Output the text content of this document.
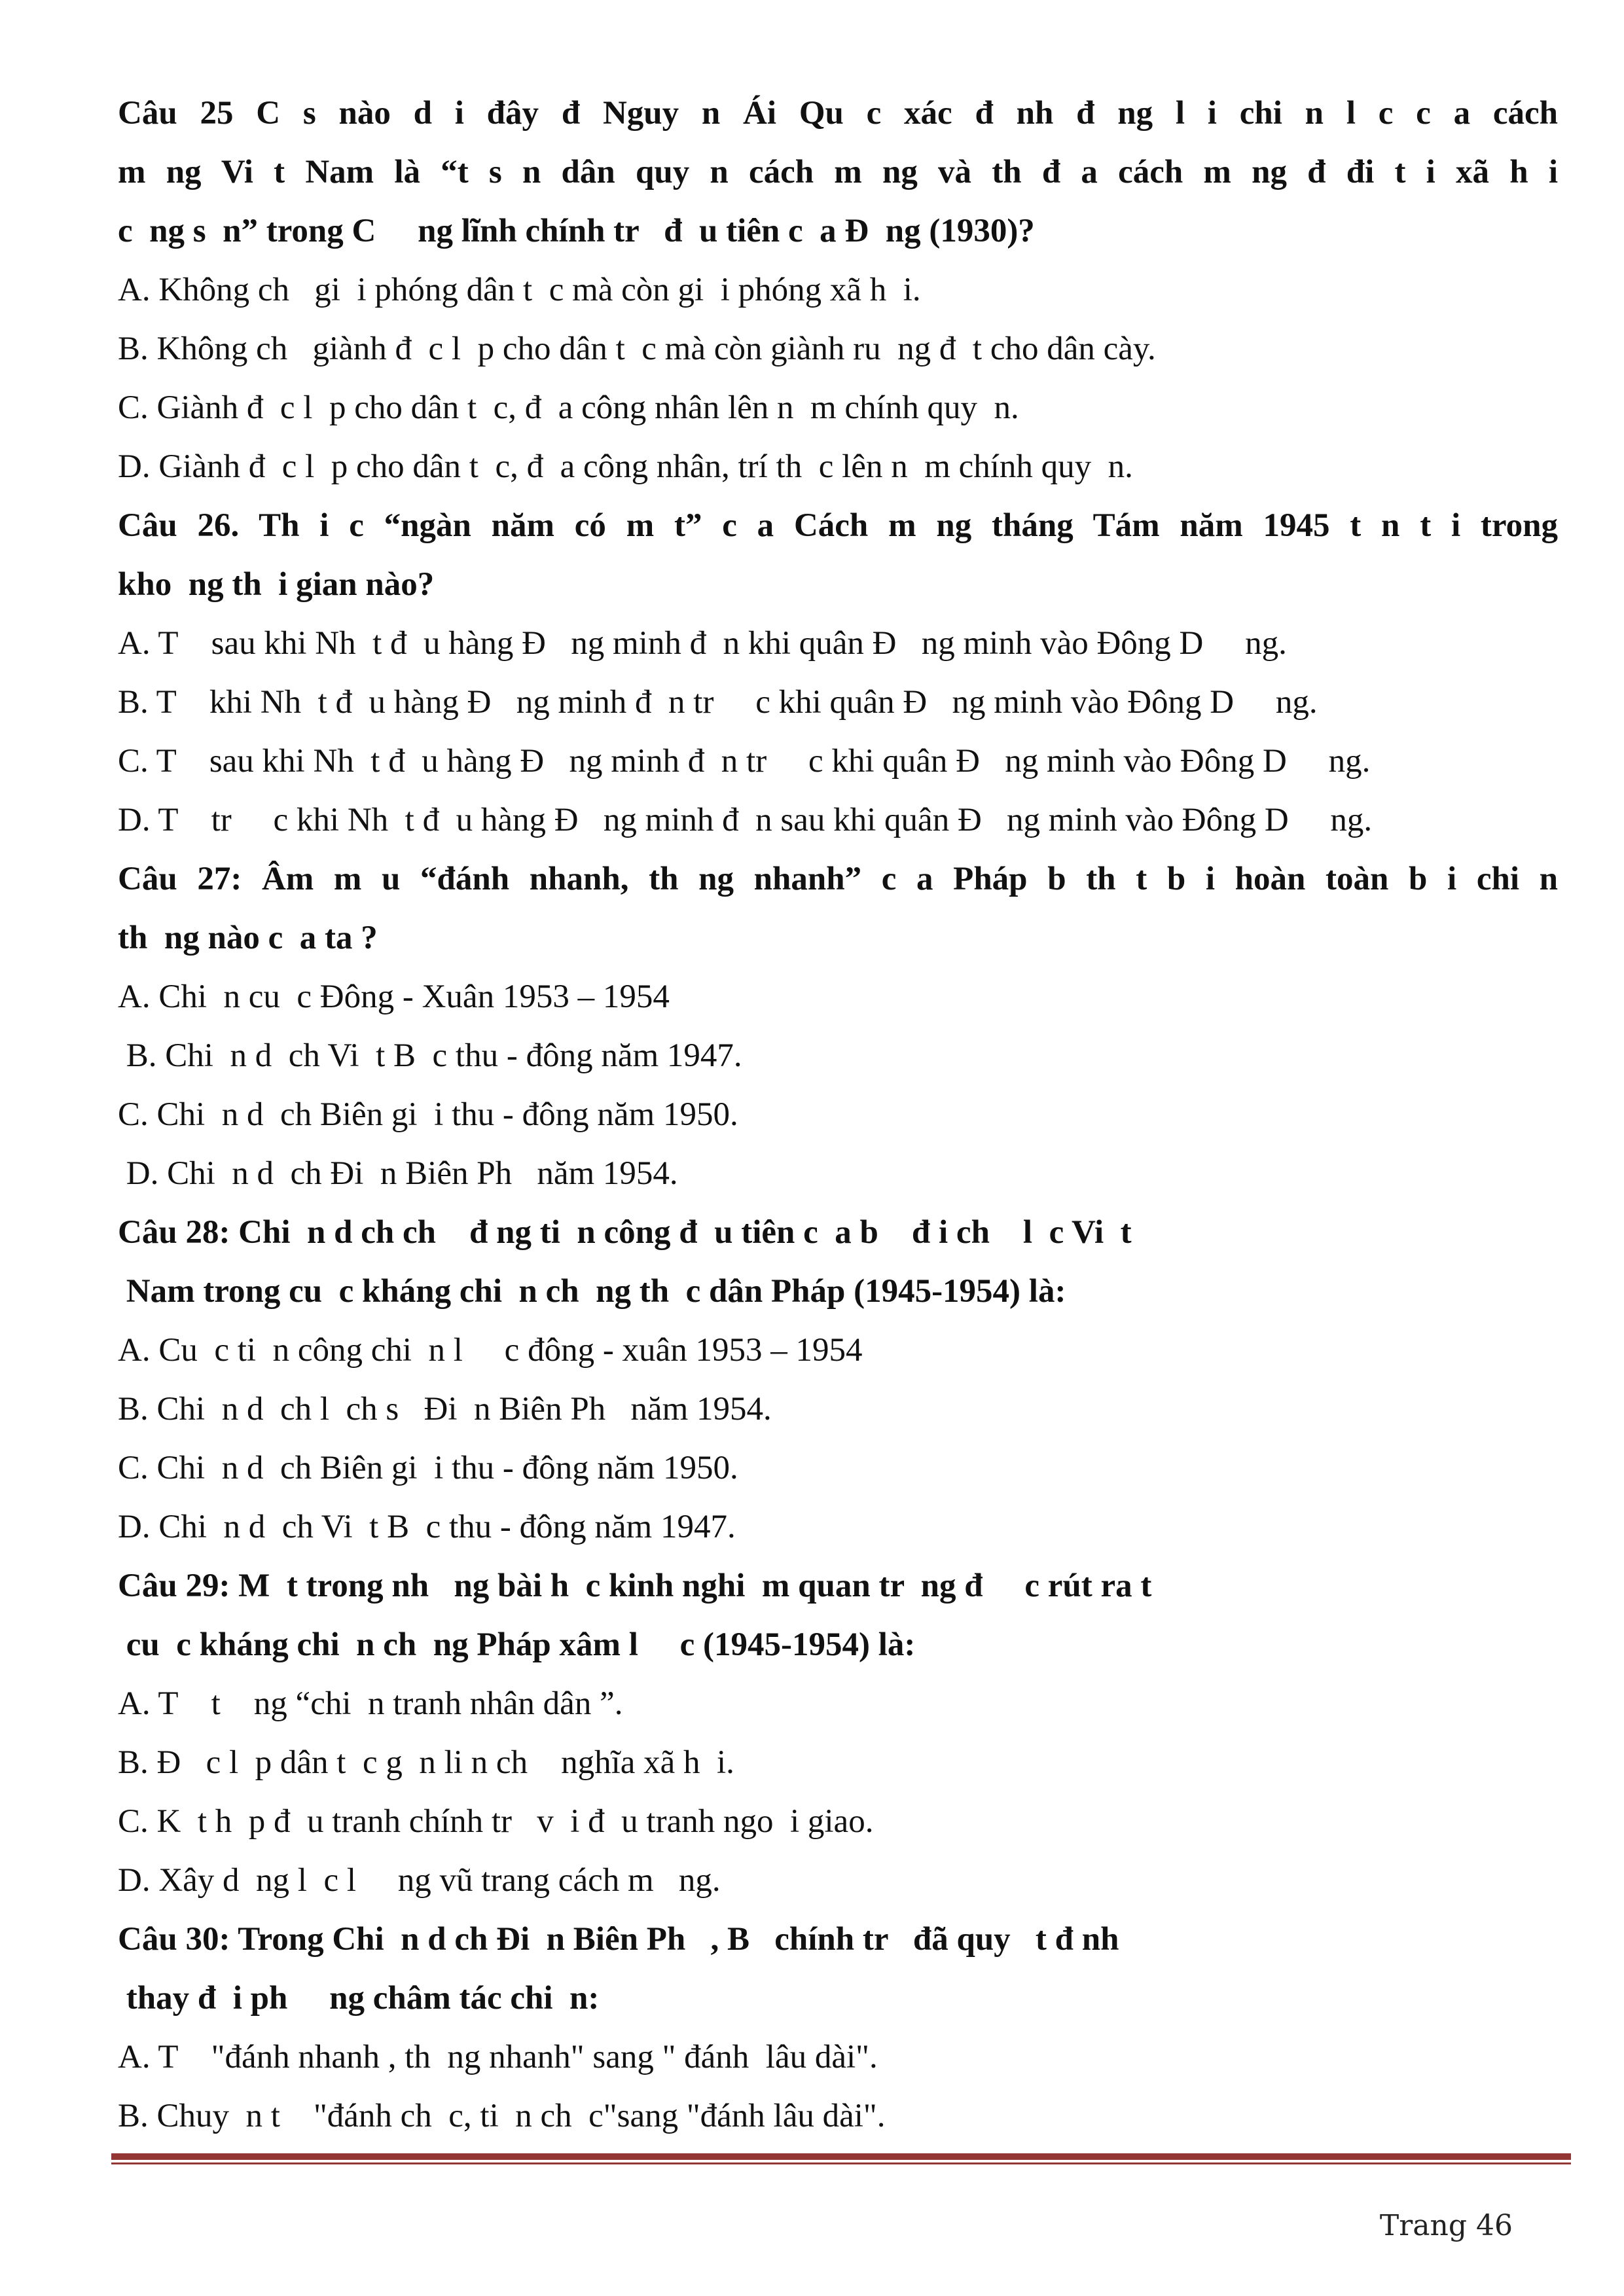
Câu 25 C s nào d i đây đ Nguy n Ái Qu c xác đ nh đ ng l i chi n l c c a cách

m ng Vi t Nam là “t s n dân quy n cách m ng và th đ a cách m ng đ đi t i xã h i

c  ng s  n” trong C     ng lĩnh chính tr   đ  u tiên c  a Đ  ng (1930)?

A. Không ch   gi  i phóng dân t  c mà còn gi  i phóng xã h  i.

B. Không ch   giành đ  c l  p cho dân t  c mà còn giành ru  ng đ  t cho dân cày.

C. Giành đ  c l  p cho dân t  c, đ  a công nhân lên n  m chính quy  n.

D. Giành đ  c l  p cho dân t  c, đ  a công nhân, trí th  c lên n  m chính quy  n.

Câu 26. Th i c “ngàn năm có m t” c a Cách m ng tháng Tám năm 1945 t n t i trong

kho  ng th  i gian nào?

A. T    sau khi Nh  t đ  u hàng Đ   ng minh đ  n khi quân Đ   ng minh vào Đông D     ng.

B. T    khi Nh  t đ  u hàng Đ   ng minh đ  n tr     c khi quân Đ   ng minh vào Đông D     ng.

C. T    sau khi Nh  t đ  u hàng Đ   ng minh đ  n tr     c khi quân Đ   ng minh vào Đông D     ng.

D. T    tr     c khi Nh  t đ  u hàng Đ   ng minh đ  n sau khi quân Đ   ng minh vào Đông D     ng.

Câu 27: Âm m u “đánh nhanh, th ng nhanh” c a Pháp b th t b i hoàn toàn b i chi n

th  ng nào c  a ta ?

A. Chi  n cu  c Đông - Xuân 1953 – 1954

B. Chi  n d  ch Vi  t B  c thu - đông năm 1947.

C. Chi  n d  ch Biên gi  i thu - đông năm 1950.

D. Chi  n d  ch Đi  n Biên Ph   năm 1954.

Câu 28: Chi  n d ch ch    đ ng ti  n công đ  u tiên c  a b    đ i ch    l  c Vi  t

Nam trong cu  c kháng chi  n ch  ng th  c dân Pháp (1945-1954) là:

A. Cu  c ti  n công chi  n l     c đông - xuân 1953 – 1954

B. Chi  n d  ch l  ch s   Đi  n Biên Ph   năm 1954.

C. Chi  n d  ch Biên gi  i thu - đông năm 1950.

D. Chi  n d  ch Vi  t B  c thu - đông năm 1947.

Câu 29: M  t trong nh   ng bài h  c kinh nghi  m quan tr  ng đ     c rút ra t

cu  c kháng chi  n ch  ng Pháp xâm l     c (1945-1954) là:

A. T    t    ng “chi  n tranh nhân dân ”.

B. Đ   c l  p dân t  c g  n li n ch    nghĩa xã h  i.

C. K  t h  p đ  u tranh chính tr   v  i đ  u tranh ngo  i giao.

D. Xây d  ng l  c l     ng vũ trang cách m   ng.

Câu 30: Trong Chi  n d ch Đi  n Biên Ph   , B   chính tr   đã quy   t đ nh

thay đ  i ph     ng châm tác chi  n:

A. T    "đánh nhanh , th  ng nhanh" sang " đánh  lâu dài".

B. Chuy  n t    "đánh ch  c, ti  n ch  c"sang "đánh lâu dài".

Trang 46
